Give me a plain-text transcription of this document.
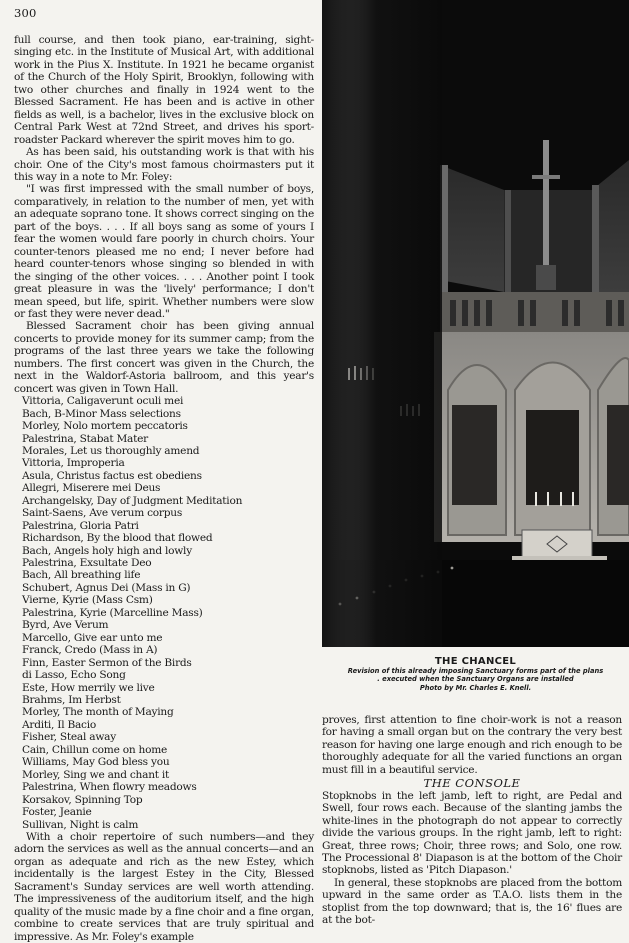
300

full course, and then took piano, ear-training, sight-singing etc. in the Institute of Musical Art, with additional work in the Pius X. Institute. In 1921 he became organist of the Church of the Holy Spirit, Brooklyn, following with two other churches and finally in 1924 went to the Blessed Sacrament. He has been and is active in other fields as well, is a bachelor, lives in the exclusive block on Central Park West at 72nd Street, and drives his sport-roadster Packard wherever the spirit moves him to go.

As has been said, his outstanding work is that with his choir. One of the City's most famous choirmasters put it this way in a note to Mr. Foley:

"I was first impressed with the small number of boys, comparatively, in relation to the number of men, yet with an adequate soprano tone. It shows correct singing on the part of the boys. . . . If all boys sang as some of yours I fear the women would fare poorly in church choirs. Your counter-tenors pleased me no end; I never before had heard counter-tenors whose singing so blended in with the singing of the other voices. . . . Another point I took great pleasure in was the 'lively' performance; I don't mean speed, but life, spirit. Whether numbers were slow or fast they were never dead."

Blessed Sacrament choir has been giving annual concerts to provide money for its summer camp; from the programs of the last three years we take the following numbers. The first concert was given in the Church, the next in the Waldorf-Astoria ballroom, and this year's concert was given in Town Hall.

Vittoria, Caligaverunt oculi mei
Bach, B-Minor Mass selections
Morley, Nolo mortem peccatoris
Palestrina, Stabat Mater
Morales, Let us thoroughly amend
Vittoria, Improperia
Asula, Christus factus est obediens
Allegri, Miserere mei Deus
Archangelsky, Day of Judgment Meditation
Saint-Saens, Ave verum corpus
Palestrina, Gloria Patri
Richardson, By the blood that flowed
Bach, Angels holy high and lowly
Palestrina, Exsultate Deo
Bach, All breathing life
Schubert, Agnus Dei (Mass in G)
Vierne, Kyrie (Mass Csm)
Palestrina, Kyrie (Marcelline Mass)
Byrd, Ave Verum
Marcello, Give ear unto me
Franck, Credo (Mass in A)
Finn, Easter Sermon of the Birds
di Lasso, Echo Song
Este, How merrily we live
Brahms, Im Herbst
Morley, The month of Maying
Arditi, Il Bacio
Fisher, Steal away
Cain, Chillun come on home
Williams, May God bless you
Morley, Sing we and chant it
Palestrina, When flowry meadows
Korsakov, Spinning Top
Foster, Jeanie
Sullivan, Night is calm

With a choir repertoire of such numbers—and they adorn the services as well as the annual concerts—and an organ as adequate and rich as the new Estey, which incidentally is the largest Estey in the City, Blessed Sacrament's Sunday services are well worth attending. The impressiveness of the auditorium itself, and the high quality of the music made by a fine choir and a fine organ, combine to create services that are truly spiritual and impressive. As Mr. Foley's example

THE CHANCEL
Revision of this already imposing Sanctuary forms part of the plans
. executed when the Sanctuary Organs are installed
Photo by Mr. Charles E. Knell.

proves, first attention to fine choir-work is not a reason for having a small organ but on the contrary the very best reason for having one large enough and rich enough to be thoroughly adequate for all the varied functions an organ must fill in a beautiful service.

THE CONSOLE

Stopknobs in the left jamb, left to right, are Pedal and Swell, four rows each. Because of the slanting jambs the white-lines in the photograph do not appear to correctly divide the various groups. In the right jamb, left to right: Great, three rows; Choir, three rows; and Solo, one row. The Processional 8' Diapason is at the bottom of the Choir stopknobs, listed as 'Pitch Diapason.'

In general, these stopknobs are placed from the bottom upward in the same order as T.A.O. lists them in the stoplist from the top downward; that is, the 16' flues are at the bot-
